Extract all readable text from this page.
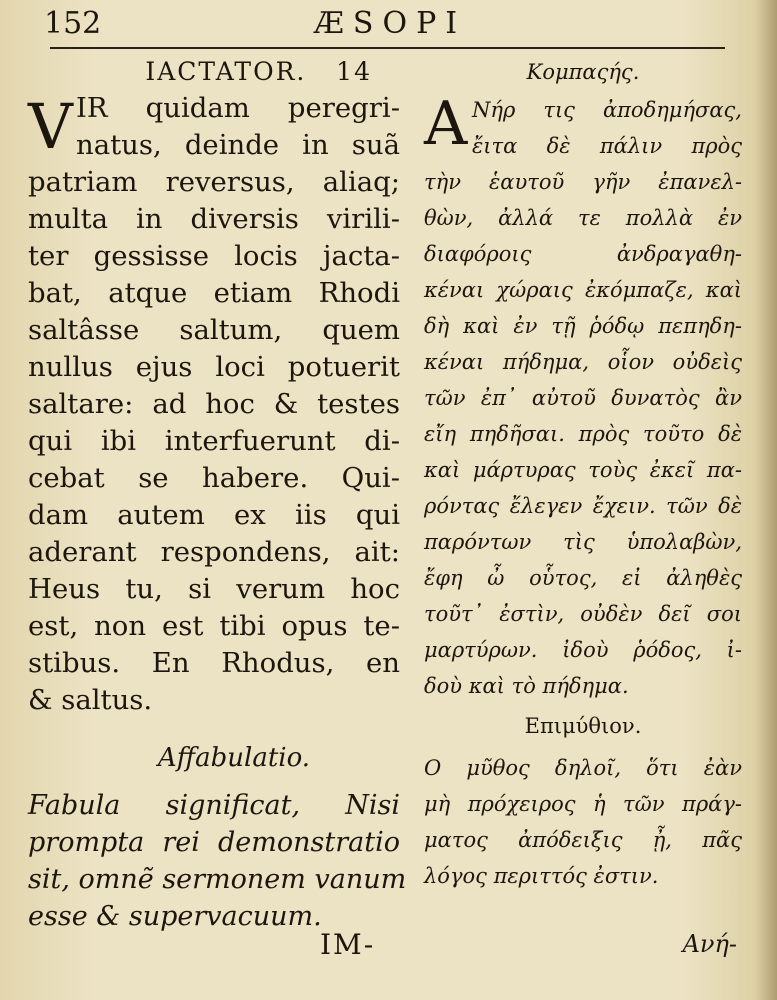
152	ÆSOPI
IACTATOR.   14
V IR quidam peregri-
natus, deinde in suã
patriam reversus, aliaq;
multa in diversis virili-
ter gessisse locis jactа-
bat, atque etiam Rhodi
saltâsse saltum, quem
nullus ejus loci potuerit
saltare: ad hoc & testes
qui ibi interfuerunt di-
cebat se habere. Qui-
dam autem ex iis qui
aderant respondens, ait:
Heus tu, si verum hoc
est, non est tibi opus te-
stibus. En Rhodus, en
& saltus.
Affabulatio.
Fabula significat, Nisi
prompta rei demonstratio
sit, omnẽ sermonem vanum
esse & supervacuum.
IM-
Κομπαςής.
Α Νήρ τις ἀποδημήσας,
ἔιτα δὲ πάλιν πρὸς
τὴν ἑαυτοῦ γῆν ἐπανελ-
θὼν, ἀλλά τε πολλὰ ἐν
διαφόροις ἀνδραγαθη-
κέναι χώραις ἐκόμπαζε, καὶ
δὴ καὶ ἐν τῇ ῥόδῳ πεπηδη-
κέναι πήδημα, οἷον οὐδεὶς
τῶν ἐπ᾽ αὐτοῦ δυνατὸς ἂν
εἴη πηδῆσαι. πρὸς τοῦτο δὲ
καὶ μάρτυρας τοὺς ἐκεῖ πα-
ρόντας ἔλεγεν ἔχειν. τῶν δὲ
παρόντων τὶς ὑπολαβὼν,
ἔφη ὦ οὗτος, εἰ ἀληθὲς
τοῦτ᾽ ἐστὶν, οὐδὲν δεῖ σοι
μαρτύρων. ἰδοὺ ῥόδος, ἰ-
δοὺ καὶ τὸ πήδημα.
Επιμύθιον.
Ο μῦθος δηλοῖ, ὅτι ἐὰν
μὴ πρόχειρος ἡ τῶν πράγ-
ματος ἀπόδειξις ᾖ, πᾶς
λόγος περιττός ἐστιν.
Ανή-
